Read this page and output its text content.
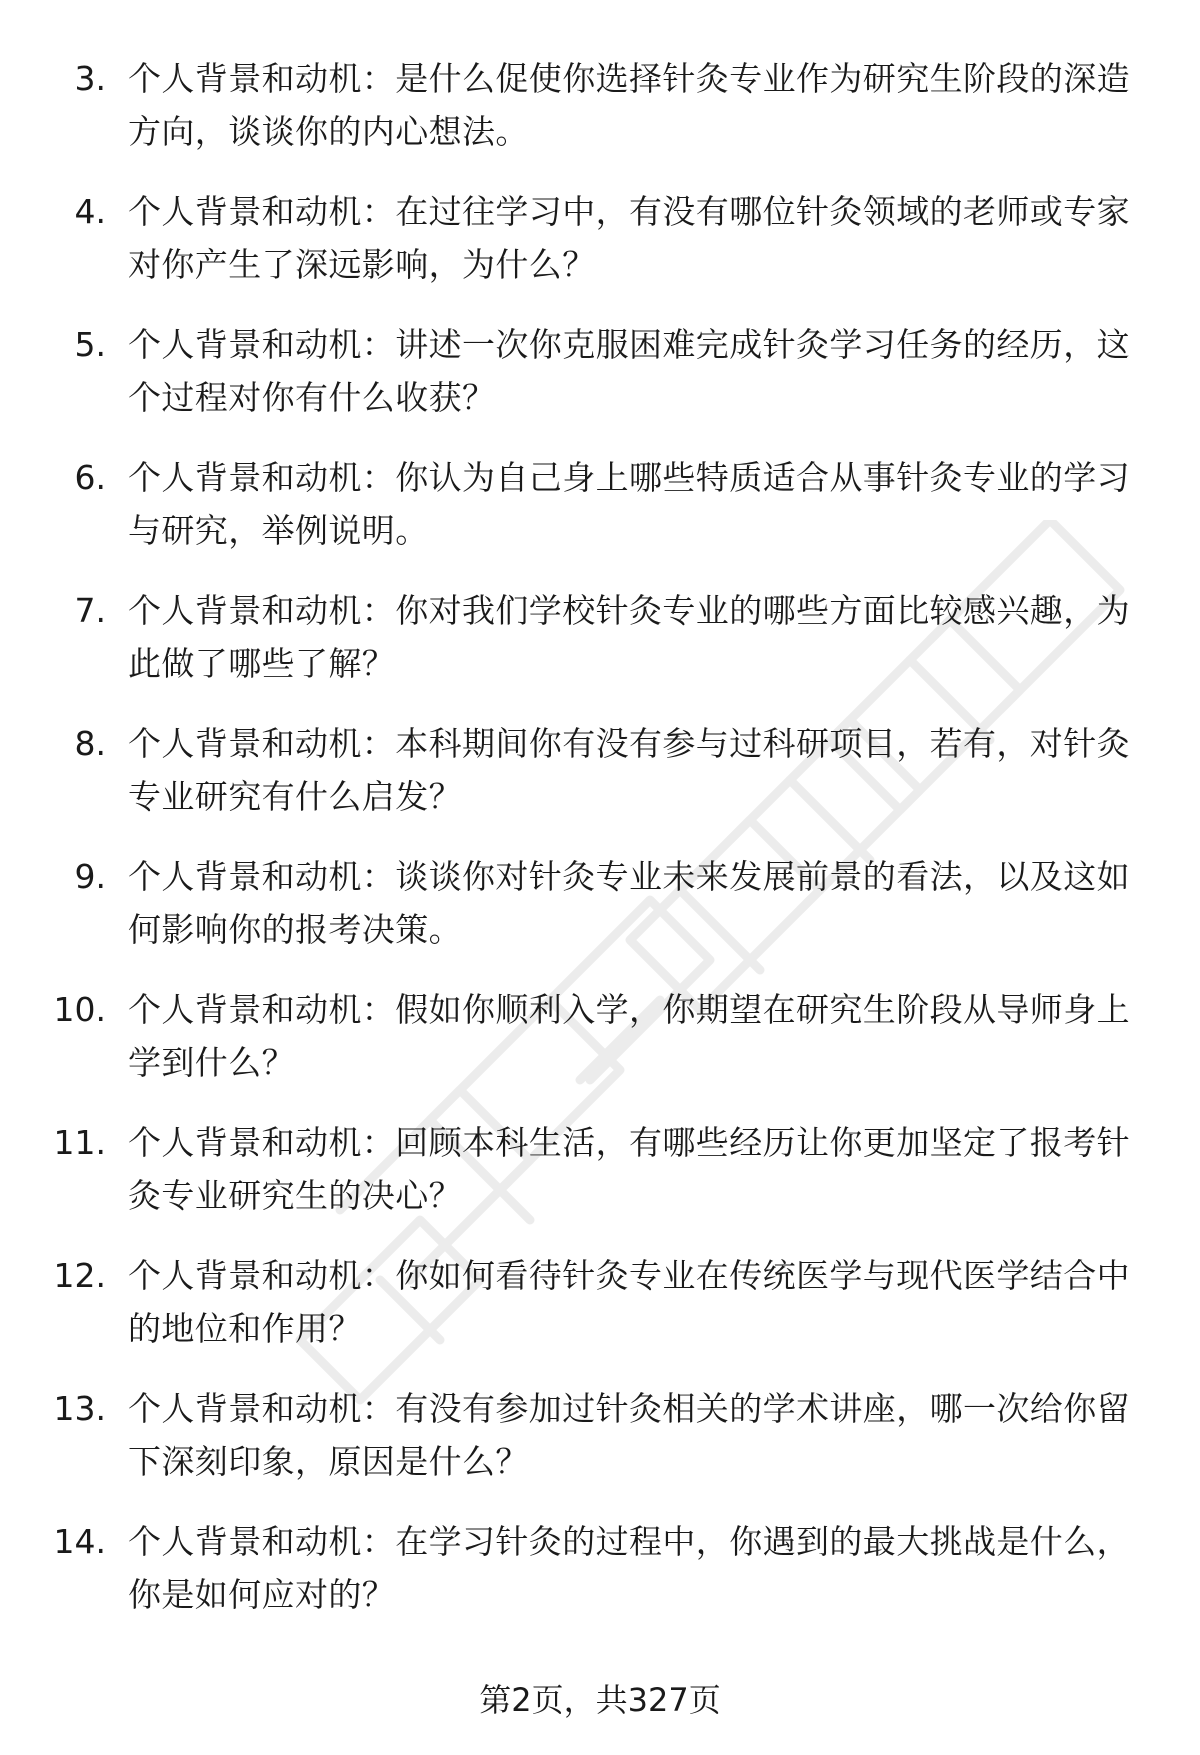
3. 个人背景和动机：是什么促使你选择针灸专业作为研究生阶段的深造方向，谈谈你的内心想法。
4. 个人背景和动机：在过往学习中，有没有哪位针灸领域的老师或专家对你产生了深远影响，为什么？
5. 个人背景和动机：讲述一次你克服困难完成针灸学习任务的经历，这个过程对你有什么收获？
6. 个人背景和动机：你认为自己身上哪些特质适合从事针灸专业的学习与研究，举例说明。
7. 个人背景和动机：你对我们学校针灸专业的哪些方面比较感兴趣，为此做了哪些了解？
8. 个人背景和动机：本科期间你有没有参与过科研项目，若有，对针灸专业研究有什么启发？
9. 个人背景和动机：谈谈你对针灸专业未来发展前景的看法，以及这如何影响你的报考决策。
10. 个人背景和动机：假如你顺利入学，你期望在研究生阶段从导师身上学到什么？
11. 个人背景和动机：回顾本科生活，有哪些经历让你更加坚定了报考针灸专业研究生的决心？
12. 个人背景和动机：你如何看待针灸专业在传统医学与现代医学结合中的地位和作用？
13. 个人背景和动机：有没有参加过针灸相关的学术讲座，哪一次给你留下深刻印象，原因是什么？
14. 个人背景和动机：在学习针灸的过程中，你遇到的最大挑战是什么，你是如何应对的？
第2页，共327页
